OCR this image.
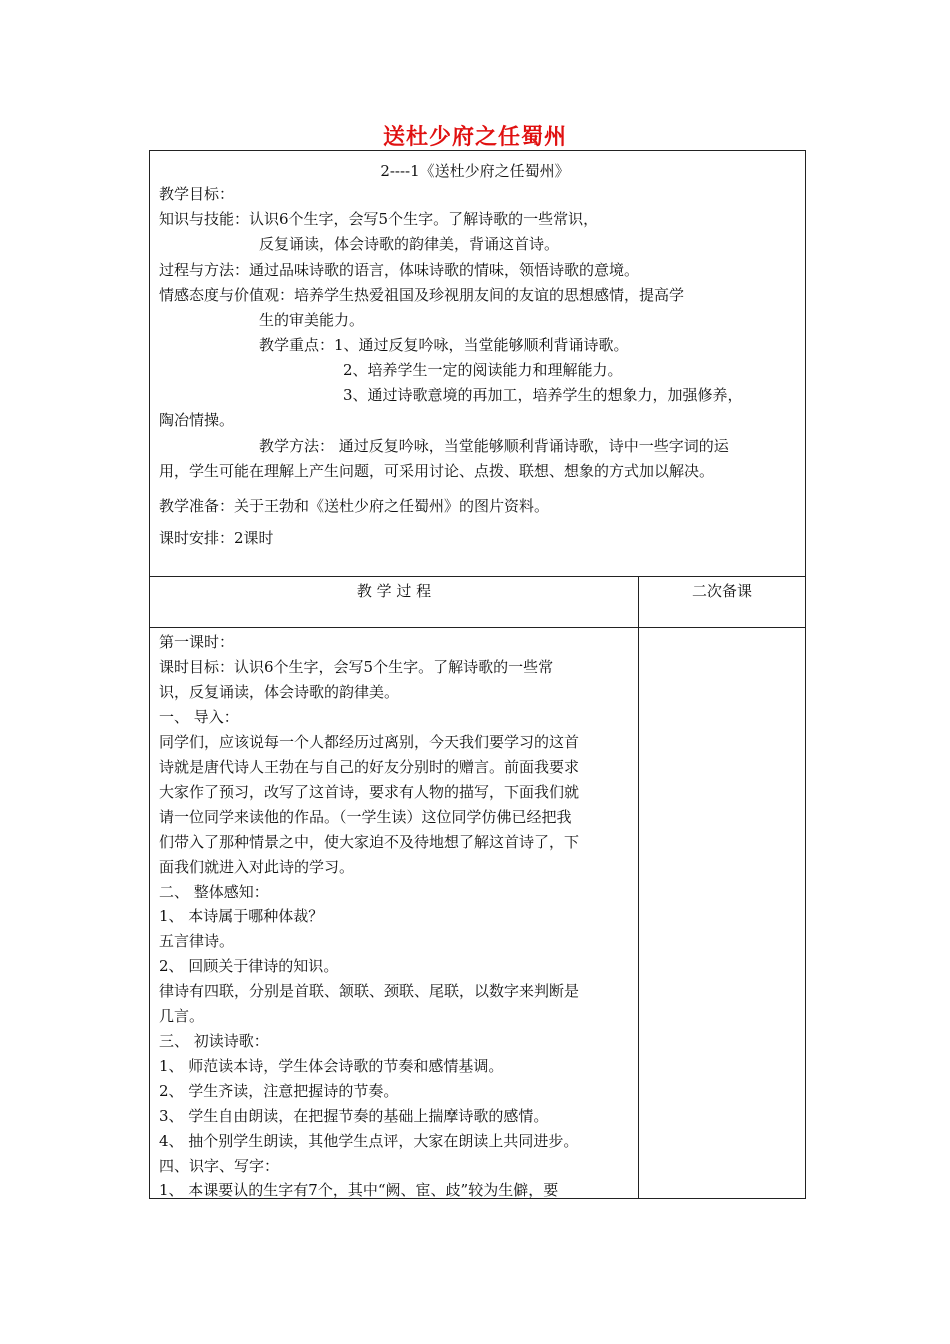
送杜少府之任蜀州
2----1《送杜少府之任蜀州》
教学目标：
知识与技能：认识6个生字，会写5个生字。了解诗歌的一些常识，
反复诵读，体会诗歌的韵律美，背诵这首诗。
过程与方法：通过品味诗歌的语言，体味诗歌的情味，领悟诗歌的意境。
情感态度与价值观：培养学生热爱祖国及珍视朋友间的友谊的思想感情，提高学
生的审美能力。
教学重点：1、通过反复吟咏，当堂能够顺利背诵诗歌。
2、培养学生一定的阅读能力和理解能力。
3、通过诗歌意境的再加工，培养学生的想象力，加强修养，
陶冶情操。
教学方法： 通过反复吟咏，当堂能够顺利背诵诗歌，诗中一些字词的运
用，学生可能在理解上产生问题，可采用讨论、点拨、联想、想象的方式加以解决。
教学准备：关于王勃和《送杜少府之任蜀州》的图片资料。
课时安排：2课时
教 学 过 程	二次备课
第一课时：
课时目标：认识6个生字，会写5个生字。了解诗歌的一些常
识，反复诵读，体会诗歌的韵律美。
一、 导入：
同学们，应该说每一个人都经历过离别，今天我们要学习的这首
诗就是唐代诗人王勃在与自己的好友分别时的赠言。前面我要求
大家作了预习，改写了这首诗，要求有人物的描写，下面我们就
请一位同学来读他的作品。（一学生读）这位同学仿佛已经把我
们带入了那种情景之中，使大家迫不及待地想了解这首诗了，下
面我们就进入对此诗的学习。
二、 整体感知：
1、 本诗属于哪种体裁？
五言律诗。
2、 回顾关于律诗的知识。
律诗有四联，分别是首联、颔联、颈联、尾联，以数字来判断是
几言。
三、 初读诗歌：
1、 师范读本诗，学生体会诗歌的节奏和感情基调。
2、 学生齐读，注意把握诗的节奏。
3、 学生自由朗读，在把握节奏的基础上揣摩诗歌的感情。
4、 抽个别学生朗读，其他学生点评，大家在朗读上共同进步。
四、识字、写字：
1、 本课要认的生字有7个，其中“阙、宦、歧”较为生僻，要
